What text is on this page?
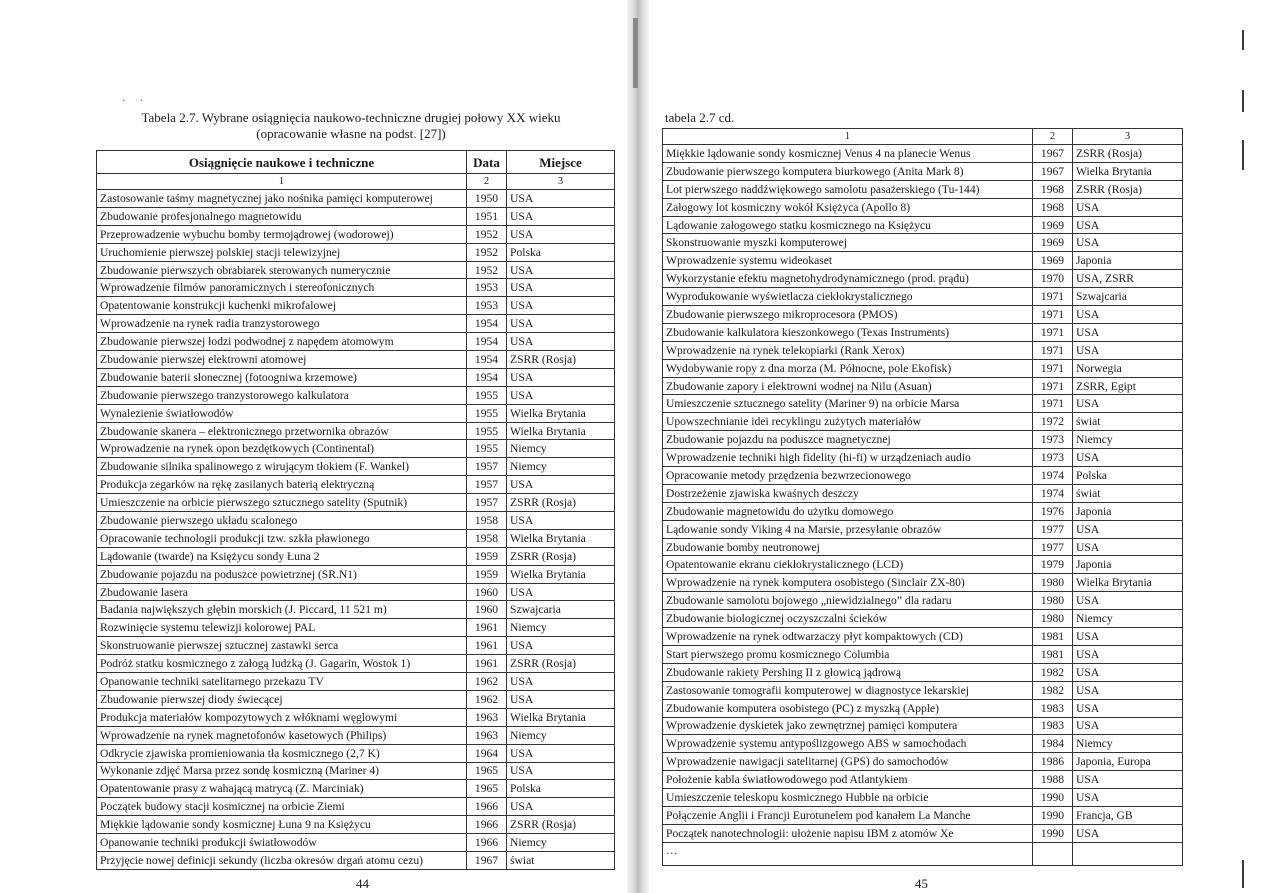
· ·
Tabela 2.7. Wybrane osiągnięcia naukowo-techniczne drugiej połowy XX wieku
(opracowanie własne na podst. [27])
Osiągnięcie naukowe i techniczne	Data	Miejsce
1	2	3
Zastosowanie taśmy magnetycznej jako nośnika pamięci komputerowej	1950	USA
Zbudowanie profesjonalnego magnetowidu	1951	USA
Przeprowadzenie wybuchu bomby termojądrowej (wodorowej)	1952	USA
Uruchomienie pierwszej polskiej stacji telewizyjnej	1952	Polska
Zbudowanie pierwszych obrabiarek sterowanych numerycznie	1952	USA
Wprowadzenie filmów panoramicznych i stereofonicznych	1953	USA
Opatentowanie konstrukcji kuchenki mikrofalowej	1953	USA
Wprowadzenie na rynek radia tranzystorowego	1954	USA
Zbudowanie pierwszej łodzi podwodnej z napędem atomowym	1954	USA
Zbudowanie pierwszej elektrowni atomowej	1954	ZSRR (Rosja)
Zbudowanie baterii słonecznej (fotoogniwa krzemowe)	1954	USA
Zbudowanie pierwszego tranzystorowego kalkulatora	1955	USA
Wynalezienie światłowodów	1955	Wielka Brytania
Zbudowanie skanera – elektronicznego przetwornika obrazów	1955	Wielka Brytania
Wprowadzenie na rynek opon bezdętkowych (Continental)	1955	Niemcy
Zbudowanie silnika spalinowego z wirującym tłokiem (F. Wankel)	1957	Niemcy
Produkcja zegarków na rękę zasilanych baterią elektryczną	1957	USA
Umieszczenie na orbicie pierwszego sztucznego satelity (Sputnik)	1957	ZSRR (Rosja)
Zbudowanie pierwszego układu scalonego	1958	USA
Opracowanie technologii produkcji tzw. szkła pławionego	1958	Wielka Brytania
Lądowanie (twarde) na Księżycu sondy Łuna 2	1959	ZSRR (Rosja)
Zbudowanie pojazdu na poduszce powietrznej (SR.N1)	1959	Wielka Brytania
Zbudowanie lasera	1960	USA
Badania największych głębin morskich (J. Piccard, 11 521 m)	1960	Szwajcaria
Rozwinięcie systemu telewizji kolorowej PAL	1961	Niemcy
Skonstruowanie pierwszej sztucznej zastawki serca	1961	USA
Podróż statku kosmicznego z załogą ludzką (J. Gagarin, Wostok 1)	1961	ZSRR (Rosja)
Opanowanie techniki satelitarnego przekazu TV	1962	USA
Zbudowanie pierwszej diody świecącej	1962	USA
Produkcja materiałów kompozytowych z włóknami węglowymi	1963	Wielka Brytania
Wprowadzenie na rynek magnetofonów kasetowych (Philips)	1963	Niemcy
Odkrycie zjawiska promieniowania tła kosmicznego (2,7 K)	1964	USA
Wykonanie zdjęć Marsa przez sondę kosmiczną (Mariner 4)	1965	USA
Opatentowanie prasy z wahającą matrycą (Z. Marciniak)	1965	Polska
Początek budowy stacji kosmicznej na orbicie Ziemi	1966	USA
Miękkie lądowanie sondy kosmicznej Łuna 9 na Księżycu	1966	ZSRR (Rosja)
Opanowanie techniki produkcji światłowodów	1966	Niemcy
Przyjęcie nowej definicji sekundy (liczba okresów drgań atomu cezu)	1967	świat
44
tabela 2.7 cd.
1	2	3
Miękkie lądowanie sondy kosmicznej Venus 4 na planecie Wenus	1967	ZSRR (Rosja)
Zbudowanie pierwszego komputera biurkowego (Anita Mark 8)	1967	Wielka Brytania
Lot pierwszego naddźwiękowego samolotu pasażerskiego (Tu-144)	1968	ZSRR (Rosja)
Załogowy lot kosmiczny wokół Księżyca (Apollo 8)	1968	USA
Lądowanie załogowego statku kosmicznego na Księżycu	1969	USA
Skonstruowanie myszki komputerowej	1969	USA
Wprowadzenie systemu wideokaset	1969	Japonia
Wykorzystanie efektu magnetohydrodynamicznego (prod. prądu)	1970	USA, ZSRR
Wyprodukowanie wyświetlacza ciekłokrystalicznego	1971	Szwajcaria
Zbudowanie pierwszego mikroprocesora (PMOS)	1971	USA
Zbudowanie kalkulatora kieszonkowego (Texas Instruments)	1971	USA
Wprowadzenie na rynek telekopiarki (Rank Xerox)	1971	USA
Wydobywanie ropy z dna morza (M. Północne, pole Ekofisk)	1971	Norwegia
Zbudowanie zapory i elektrowni wodnej na Nilu (Asuan)	1971	ZSRR, Egipt
Umieszczenie sztucznego satelity (Mariner 9) na orbicie Marsa	1971	USA
Upowszechnianie idei recyklingu zużytych materiałów	1972	świat
Zbudowanie pojazdu na poduszce magnetycznej	1973	Niemcy
Wprowadzenie techniki high fidelity (hi-fi) w urządzeniach audio	1973	USA
Opracowanie metody przędzenia bezwrzecionowego	1974	Polska
Dostrzeżenie zjawiska kwaśnych deszczy	1974	świat
Zbudowanie magnetowidu do użytku domowego	1976	Japonia
Lądowanie sondy Viking 4 na Marsie, przesyłanie obrazów	1977	USA
Zbudowanie bomby neutronowej	1977	USA
Opatentowanie ekranu ciekłokrystalicznego (LCD)	1979	Japonia
Wprowadzenie na rynek komputera osobistego (Sinclair ZX-80)	1980	Wielka Brytania
Zbudowanie samolotu bojowego „niewidzialnego” dla radaru	1980	USA
Zbudowanie biologicznej oczyszczalni ścieków	1980	Niemcy
Wprowadzenie na rynek odtwarzaczy płyt kompaktowych (CD)	1981	USA
Start pierwszego promu kosmicznego Columbia	1981	USA
Zbudowanie rakiety Pershing II z głowicą jądrową	1982	USA
Zastosowanie tomografii komputerowej w diagnostyce lekarskiej	1982	USA
Zbudowanie komputera osobistego (PC) z myszką (Apple)	1983	USA
Wprowadzenie dyskietek jako zewnętrznej pamięci komputera	1983	USA
Wprowadzenie systemu antypoślizgowego ABS w samochodach	1984	Niemcy
Wprowadzenie nawigacji satelitarnej (GPS) do samochodów	1986	Japonia, Europa
Położenie kabla światłowodowego pod Atlantykiem	1988	USA
Umieszczenie teleskopu kosmicznego Hubble na orbicie	1990	USA
Połączenie Anglii i Francji Eurotunelem pod kanałem La Manche	1990	Francja, GB
Początek nanotechnologii: ułożenie napisu IBM z atomów Xe	1990	USA
…		
45
